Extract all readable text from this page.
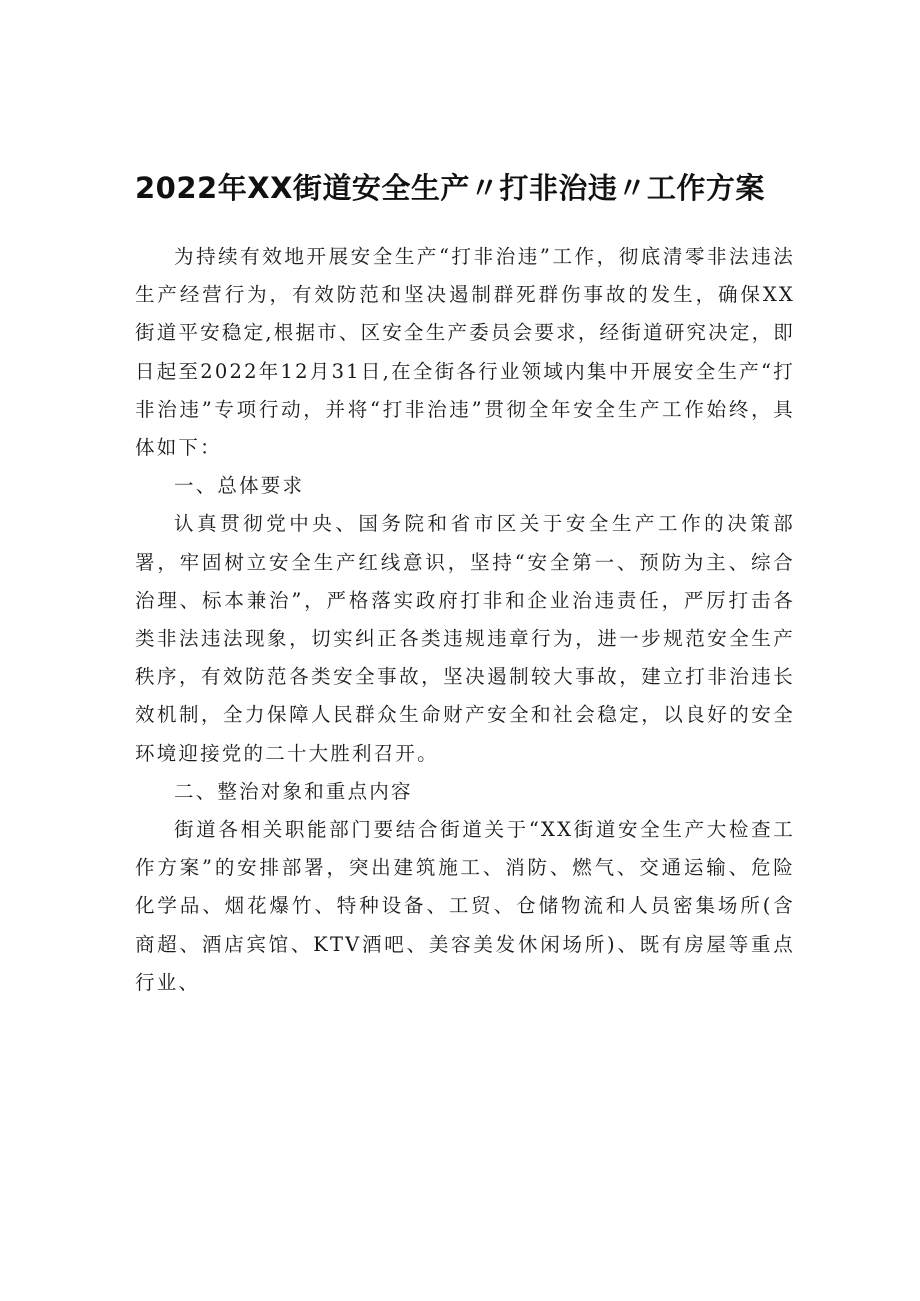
2022年XX街道安全生产〃打非治违〃工作方案

为持续有效地开展安全生产“打非治违”工作，彻底清零非法违法生产经营行为，有效防范和坚决遏制群死群伤事故的发生，确保XX街道平安稳定,根据市、区安全生产委员会要求，经街道研究决定，即日起至2022年12月31日,在全街各行业领域内集中开展安全生产“打非治违”专项行动，并将“打非治违”贯彻全年安全生产工作始终，具体如下：

一、总体要求

认真贯彻党中央、国务院和省市区关于安全生产工作的决策部署，牢固树立安全生产红线意识，坚持“安全第一、预防为主、综合治理、标本兼治”，严格落实政府打非和企业治违责任，严厉打击各类非法违法现象，切实纠正各类违规违章行为，进一步规范安全生产秩序，有效防范各类安全事故，坚决遏制较大事故，建立打非治违长效机制，全力保障人民群众生命财产安全和社会稳定，以良好的安全环境迎接党的二十大胜利召开。

二、整治对象和重点内容

街道各相关职能部门要结合街道关于“XX街道安全生产大检查工作方案”的安排部署，突出建筑施工、消防、燃气、交通运输、危险化学品、烟花爆竹、特种设备、工贸、仓储物流和人员密集场所(含商超、酒店宾馆、KTV酒吧、美容美发休闲场所)、既有房屋等重点行业、
